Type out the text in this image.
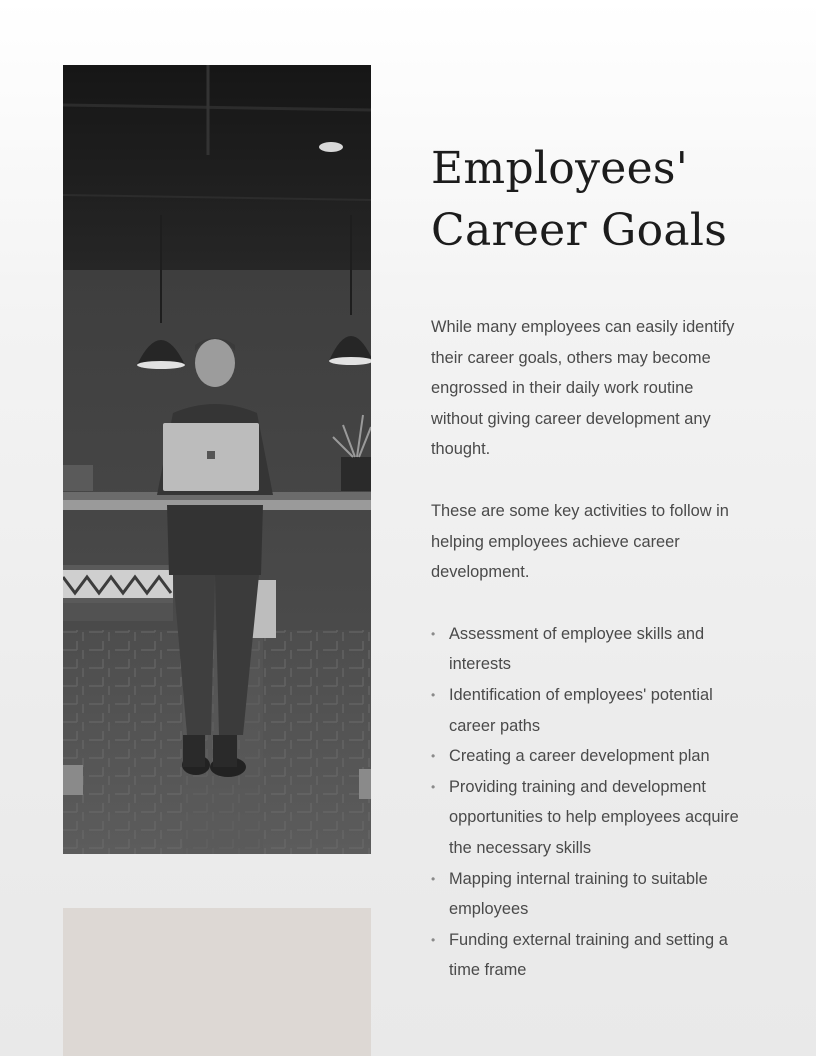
Employees'
Career Goals

While many employees can easily identify their career goals, others may become engrossed in their daily work routine without giving career development any thought.

These are some key activities to follow in helping employees achieve career development.

• Assessment of employee skills and interests
• Identification of employees' potential career paths
• Creating a career development plan
• Providing training and development opportunities to help employees acquire the necessary skills
• Mapping internal training to suitable employees
• Funding external training and setting a time frame
